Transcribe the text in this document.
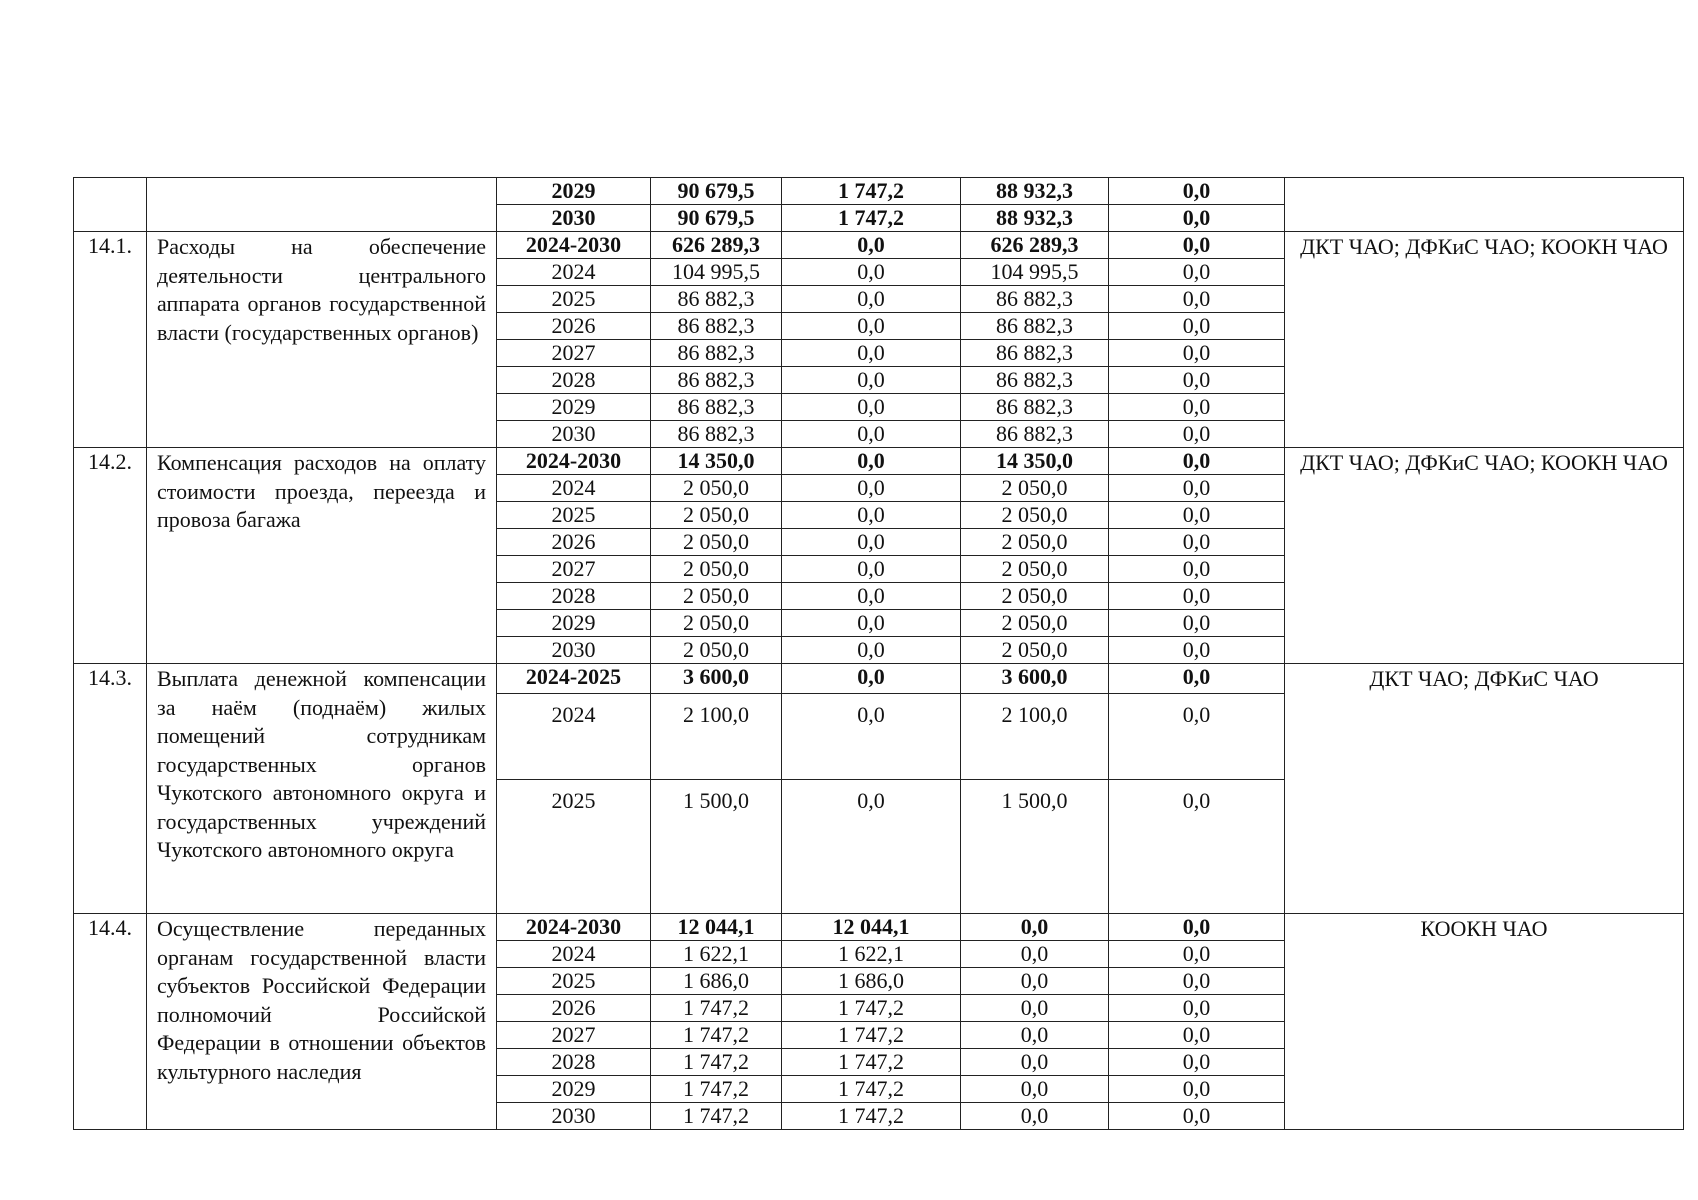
		2029	90 679,5	1 747,2	88 932,3	0,0	
		2030	90 679,5	1 747,2	88 932,3	0,0	
14.1.	Расходы на обеспечение деятельности центрального аппарата органов государственной власти (государственных органов)	2024-2030	626 289,3	0,0	626 289,3	0,0	ДКТ ЧАО; ДФКиС ЧАО; КООКН ЧАО
		2024	104 995,5	0,0	104 995,5	0,0	
		2025	86 882,3	0,0	86 882,3	0,0	
		2026	86 882,3	0,0	86 882,3	0,0	
		2027	86 882,3	0,0	86 882,3	0,0	
		2028	86 882,3	0,0	86 882,3	0,0	
		2029	86 882,3	0,0	86 882,3	0,0	
		2030	86 882,3	0,0	86 882,3	0,0	
14.2.	Компенсация расходов на оплату стоимости проезда, переезда и провоза багажа	2024-2030	14 350,0	0,0	14 350,0	0,0	ДКТ ЧАО; ДФКиС ЧАО; КООКН ЧАО
		2024	2 050,0	0,0	2 050,0	0,0	
		2025	2 050,0	0,0	2 050,0	0,0	
		2026	2 050,0	0,0	2 050,0	0,0	
		2027	2 050,0	0,0	2 050,0	0,0	
		2028	2 050,0	0,0	2 050,0	0,0	
		2029	2 050,0	0,0	2 050,0	0,0	
		2030	2 050,0	0,0	2 050,0	0,0	
14.3.	Выплата денежной компенсации за наём (поднаём) жилых помещений сотрудникам государственных органов Чукотского автономного округа и государственных учреждений Чукотского автономного округа	2024-2025	3 600,0	0,0	3 600,0	0,0	ДКТ ЧАО; ДФКиС ЧАО
		2024	2 100,0	0,0	2 100,0	0,0	
		2025	1 500,0	0,0	1 500,0	0,0	
14.4.	Осуществление переданных органам государственной власти субъектов Российской Федерации полномочий Российской Федерации в отношении объектов культурного наследия	2024-2030	12 044,1	12 044,1	0,0	0,0	КООКН ЧАО
		2024	1 622,1	1 622,1	0,0	0,0	
		2025	1 686,0	1 686,0	0,0	0,0	
		2026	1 747,2	1 747,2	0,0	0,0	
		2027	1 747,2	1 747,2	0,0	0,0	
		2028	1 747,2	1 747,2	0,0	0,0	
		2029	1 747,2	1 747,2	0,0	0,0	
		2030	1 747,2	1 747,2	0,0	0,0	
